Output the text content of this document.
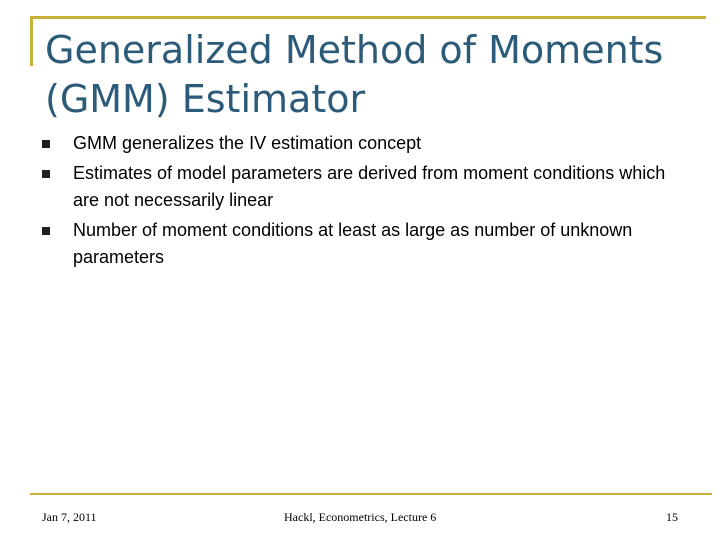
Generalized Method of Moments (GMM) Estimator
GMM generalizes the IV estimation concept
Estimates of model parameters are derived from moment conditions which are not necessarily linear
Number of moment conditions at least as large as number of unknown parameters
Jan 7, 2011	Hackl, Econometrics, Lecture 6	15
